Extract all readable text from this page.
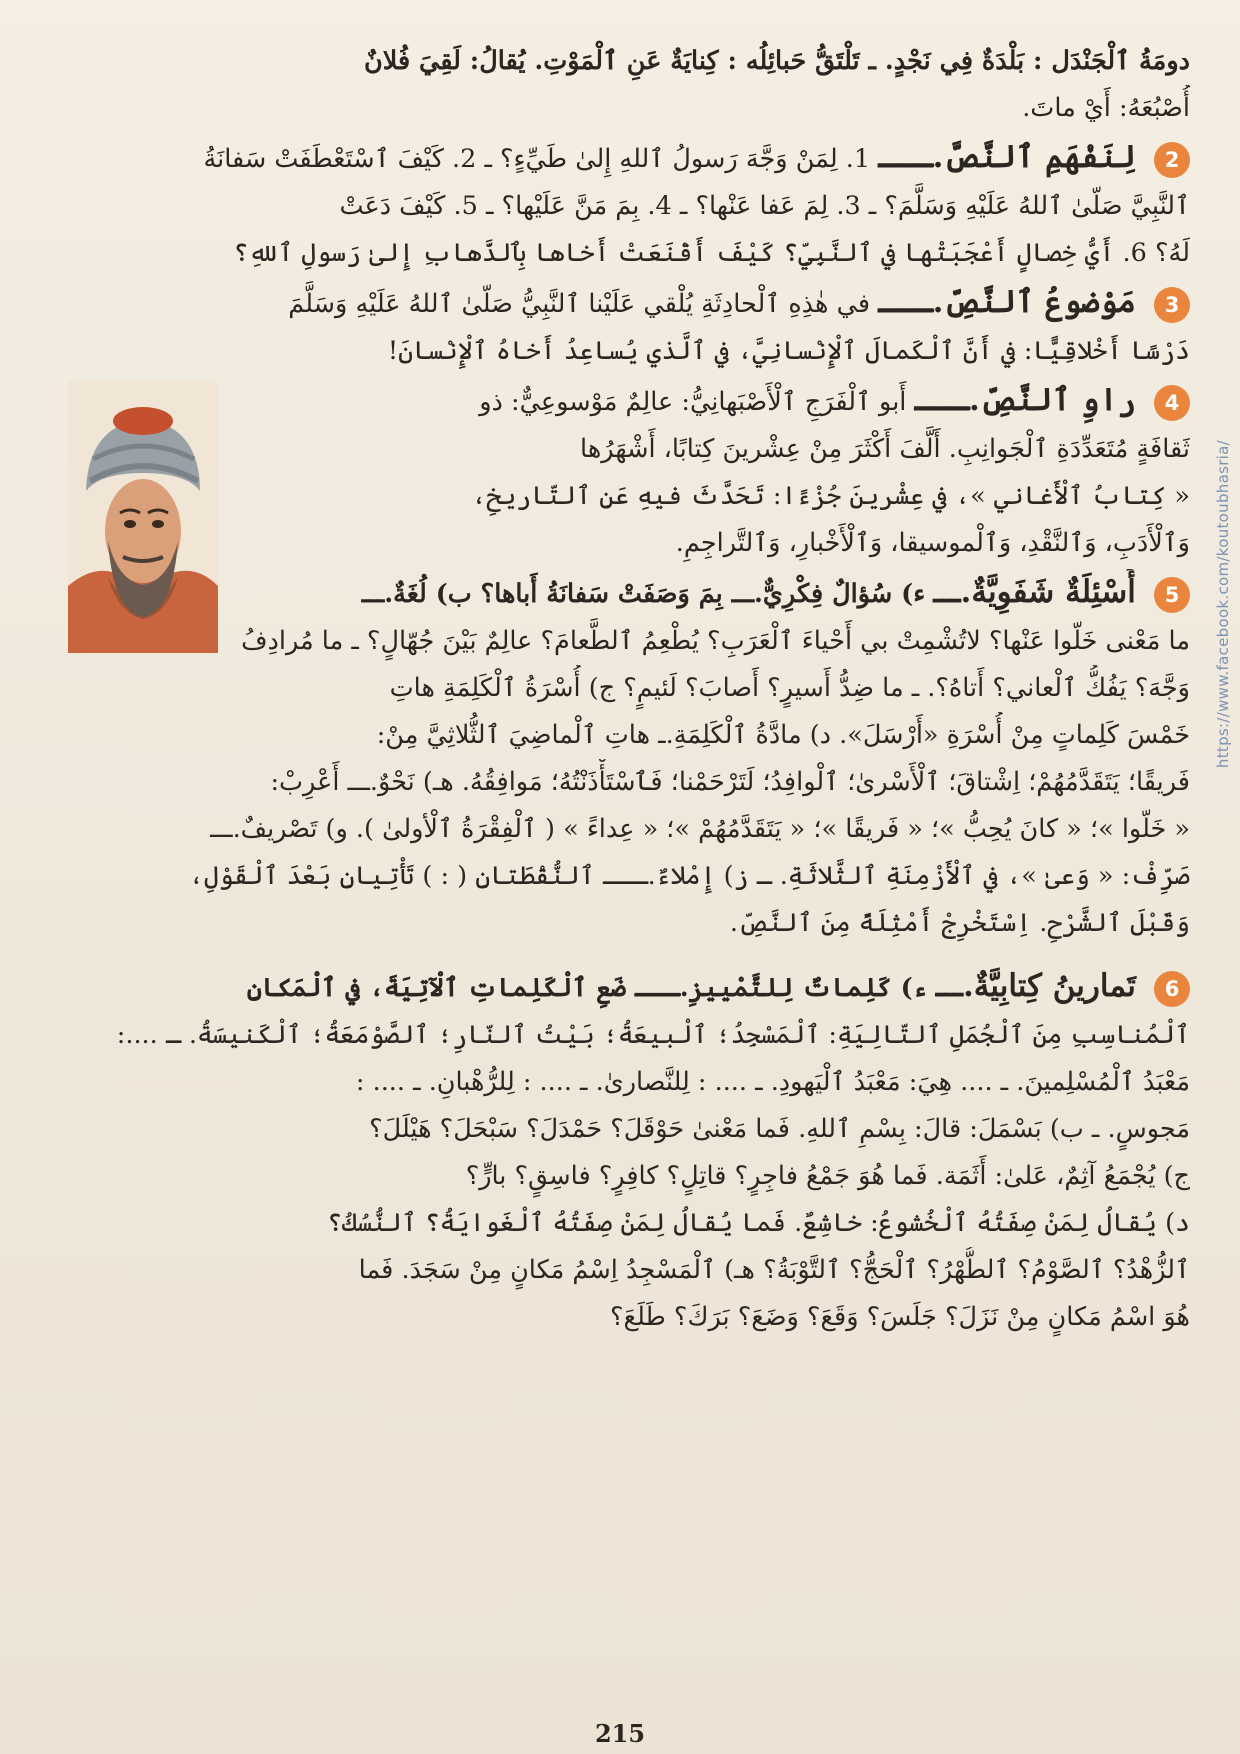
دومَةُ ٱلْجَنْدَل : بَلْدَةٌ فِي نَجْدٍ. ـ تَلْتَقُّ حَبائِلُه : كِنايَةٌ عَنِ ٱلْمَوْتِ. يُقالُ: لَقِيَ فُلانٌ
أُصْبُعَهُ: أَيْ ماتَ.
2 لِنَفْهَمِ ٱلنَّصَّ.ـــ 1. لِمَنْ وَجَّهَ رَسولُ ٱللهِ إِلىٰ طَيِّءٍ؟ ـ 2. كَيْفَ ٱسْتَعْطَفَتْ سَفانَةُ
ٱلنَّبِيَّ صَلّىٰ ٱللهُ عَلَيْهِ وَسَلَّمَ؟ ـ 3. لِمَ عَفا عَنْها؟ ـ 4. بِمَ مَنَّ عَلَيْها؟ ـ 5. كَيْفَ دَعَتْ
لَهُ؟ 6. أَيُّ خِصالٍ أَعْجَبَتْها في ٱلنَّبِيِّ؟ كَيْفَ أَقْنَعَتْ أَخاها بِٱلذَّهابِ إِلىٰ رَسولِ ٱللهِ؟
3 مَوْضوعُ ٱلنَّصِّ.ـــ في هٰذِهِ ٱلْحادِثَةِ يُلْقي عَلَيْنا ٱلنَّبِيُّ صَلّىٰ ٱللهُ عَلَيْهِ وَسَلَّمَ
دَرْسًا أَخْلاقِيًّا: في أَنَّ ٱلْكَمالَ ٱلْإِنْسانِيَّ، في ٱلَّذي يُساعِدُ أَخاهُ ٱلْإِنْسانَ!
4 راوِ ٱلنَّصِّ.ـــ أَبو ٱلْفَرَجِ ٱلْأَصْبَهانِيُّ: عالِمٌ مَوْسوعِيٌّ: ذو
ثَقافَةٍ مُتَعَدِّدَةِ ٱلْجَوانِبِ. أَلَّفَ أَكْثَرَ مِنْ عِشْرينَ كِتابًا، أَشْهَرُها
« كِتابُ ٱلْأَغاني »، في عِشْرينَ جُزْءًا: تَحَدَّثَ فيهِ عَنِ ٱلتّاريخِ،
وَٱلْأَدَبِ، وَٱلنَّقْدِ، وَٱلْموسيقا، وَٱلْأَخْبارِ، وَٱلتَّراجِمِ.
5 أَسْئِلَةٌ شَفَوِيَّةٌ.ـــ ء) سُؤالٌ فِكْرِيٌّ.ـــ بِمَ وَصَفَتْ سَفانَةُ أَباها؟ ب) لُغَةٌ.ـــ
ما مَعْنى خَلّوا عَنْها؟ لاتُشْمِتْ بي أَحْياءَ ٱلْعَرَبِ؟ يُطْعِمُ ٱلطَّعامَ؟ عالِمٌ بَيْنَ جُهّالٍ؟ ـ ما مُرادِفُ
وَجَّهَ؟ يَفُكُّ ٱلْعاني؟ أَتاهُ؟. ـ ما ضِدُّ أَسيرٍ؟ أَصابَ؟ لَئيمٍ؟ ج) أُسْرَةُ ٱلْكَلِمَةِ هاتِ
خَمْسَ كَلِماتٍ مِنْ أُسْرَةِ «أَرْسَلَ». د) مادَّةُ ٱلْكَلِمَةِ.ـ هاتِ ٱلْماضِيَ ٱلثُّلاثِيَّ مِنْ:
فَريقًا؛ يَتَقَدَّمُهُمْ؛ اِشْتاقَ؛ ٱلْأَسْرىٰ؛ ٱلْوافِدُ؛ لَتَرْحَمْنا؛ فَٱسْتَأْذَنْتُهُ؛ مَوافِقُهُ. هـ) نَحْوٌ.ـــ أَعْرِبْ:
« خَلّوا »؛ « كانَ يُحِبُّ »؛ « فَريقًا »؛ « يَتَقَدَّمُهُمْ »؛ « عِداءً » ( ٱلْفِقْرَةُ ٱلْأولىٰ ). و) تَصْريفٌ.ـــ
صَرِّفْ: « وَعىٰ »، في ٱلْأَزْمِنَةِ ٱلثَّلاثَةِ. ـ ز) إِمْلاءٌ.ـــ ٱلنُّقْطَتانِ ( : ) تَأْتِيانِ بَعْدَ ٱلْقَوْلِ،
وَقَبْلَ ٱلشَّرْحِ. اِسْتَخْرِجْ أَمْثِلَةً مِنَ ٱلنَّصِّ.
6 تَمارينُ كِتابِيَّةٌ.ـــ ء) كَلِماتٌ لِلتَّمْييزِ.ـــ ضَعِ ٱلْكَلِماتِ ٱلْآتِيَةَ، في ٱلْمَكانِ
ٱلْمُناسِبِ مِنَ ٱلْجُمَلِ ٱلتّالِيَةِ: ٱلْمَسْجِدُ؛ ٱلْبيعَةُ؛ بَيْتُ ٱلنّارِ؛ ٱلصَّوْمَعَةُ؛ ٱلْكَنيسَةُ. ـ ....:
مَعْبَدُ ٱلْمُسْلِمينَ. ـ .... هِيَ: مَعْبَدُ ٱلْيَهودِ. ـ .... : لِلنَّصارىٰ. ـ .... : لِلرُّهْبانِ. ـ .... :
مَجوسٍ. ـ ب) بَسْمَلَ: قالَ: بِسْمِ ٱللهِ. فَما مَعْنىٰ حَوْقَلَ؟ حَمْدَلَ؟ سَبْحَلَ؟ هَيْلَلَ؟
ج) يُجْمَعُ آثِمٌ، عَلىٰ: أَثَمَة. فَما هُوَ جَمْعُ فاجِرٍ؟ قاتِلٍ؟ كافِرٍ؟ فاسِقٍ؟ بارٍّ؟
د) يُقالُ لِمَنْ صِفَتُهُ ٱلْخُشوعُ: خاشِعٌ. فَما يُقالُ لِمَنْ صِفَتُهُ ٱلْغَوايَةُ؟ ٱلنُّسُكُ؟
ٱلزُّهْدُ؟ ٱلصَّوْمُ؟ ٱلطُّهْرُ؟ ٱلْحَجُّ؟ ٱلتَّوْبَةُ؟ هـ) ٱلْمَسْجِدُ اِسْمُ مَكانٍ مِنْ سَجَدَ. فَما
هُوَ اسْمُ مَكانٍ مِنْ نَزَلَ؟ جَلَسَ؟ وَقَعَ؟ وَضَعَ؟ بَرَكَ؟ طَلَعَ؟
https://www.facebook.com/koutoubhasria/
215
